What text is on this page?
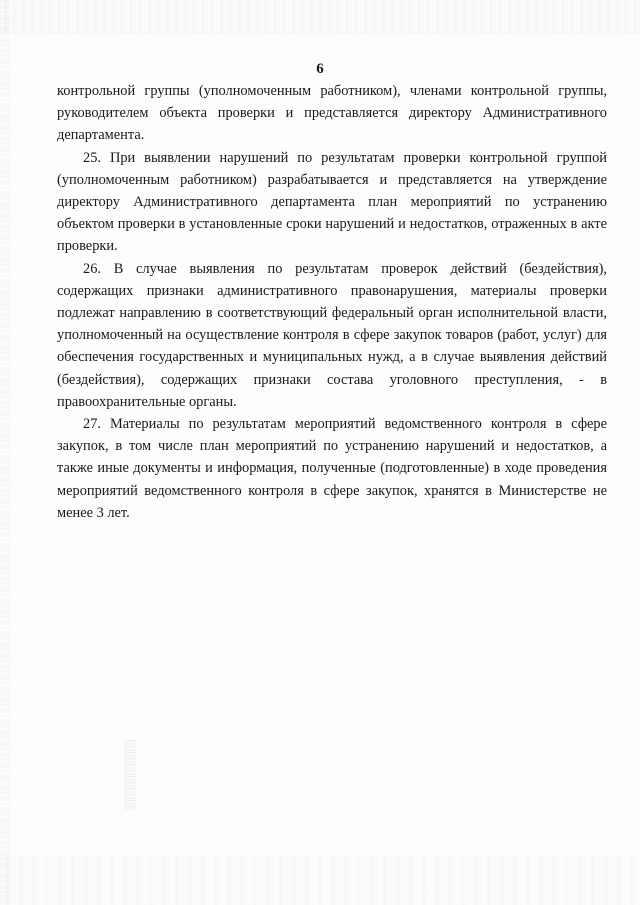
6

контрольной группы (уполномоченным работником), членами контрольной группы, руководителем объекта проверки и представляется директору Административного департамента.

25. При выявлении нарушений по результатам проверки контрольной группой (уполномоченным работником) разрабатывается и представляется на утверждение директору Административного департамента план мероприятий по устранению объектом проверки в установленные сроки нарушений и недостатков, отраженных в акте проверки.

26. В случае выявления по результатам проверок действий (бездействия), содержащих признаки административного правонарушения, материалы проверки подлежат направлению в соответствующий федеральный орган исполнительной власти, уполномоченный на осуществление контроля в сфере закупок товаров (работ, услуг) для обеспечения государственных и муниципальных нужд, а в случае выявления действий (бездействия), содержащих признаки состава уголовного преступления, - в правоохранительные органы.

27. Материалы по результатам мероприятий ведомственного контроля в сфере закупок, в том числе план мероприятий по устранению нарушений и недостатков, а также иные документы и информация, полученные (подготовленные) в ходе проведения мероприятий ведомственного контроля в сфере закупок, хранятся в Министерстве не менее 3 лет.
